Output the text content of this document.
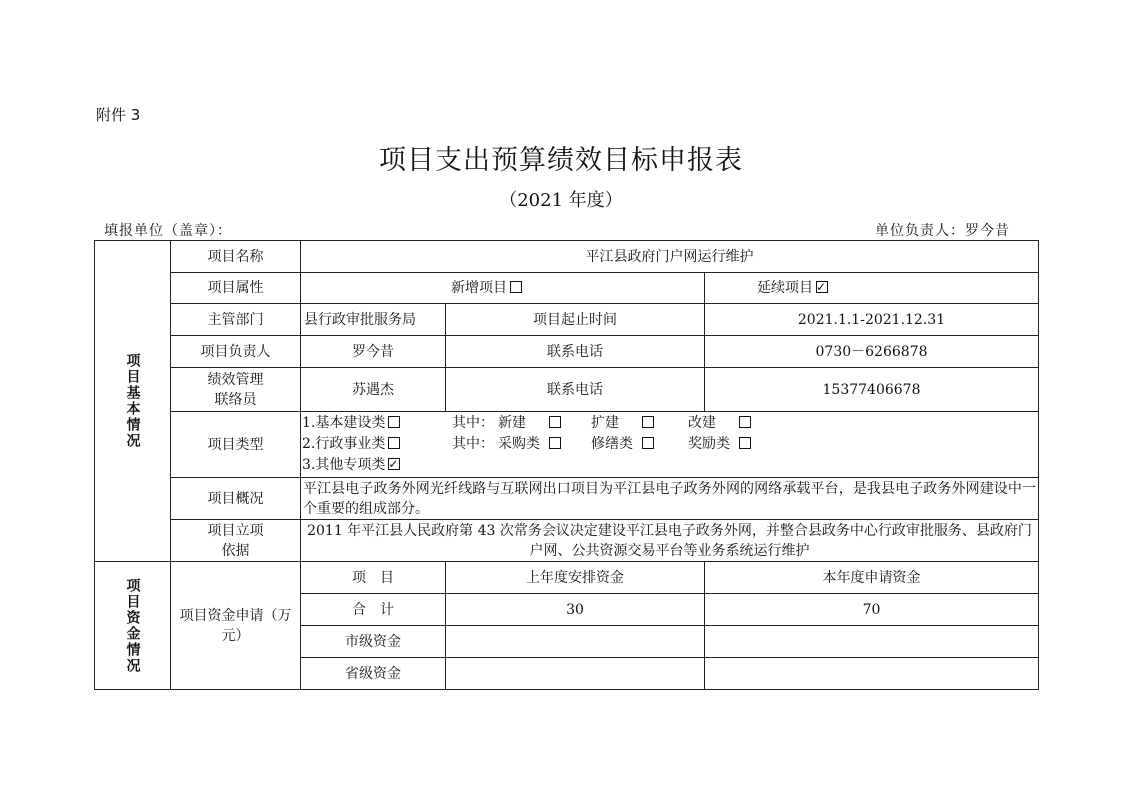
附件 3
项目支出预算绩效目标申报表
（2021 年度）
填报单位（盖章）：	单位负责人：罗今昔
项目基本情况	项目名称	平江县政府门户网运行维护		
	项目属性	新增项目		延续项目✓
	主管部门	县行政审批服务局	项目起止时间	2021.1.1-2021.12.31
	项目负责人	罗今昔	联系电话	0730－6266878

	绩效管理
联络员	苏遇杰	联系电话	15377406678
	项目类型	1.基本建设类 其中： 新建 扩建 改建
2.行政事业类 其中： 采购类 修缮类 奖励类
3.其他专项类✓

	项目概况	平江县电子政务外网光纤线路与互联网出口项目为平江县电子政务外网的网络承载平台，是我县电子政务外网建设中一个重要的组成部分。		

	项目立项
依据	2011 年平江县人民政府第 43 次常务会议决定建设平江县电子政务外网，并整合县政务中心行政审批服务、县政府门户网、公共资源交易平台等业务系统运行维护		
项目资金情况	项目资金申请（万元）	项　目	上年度安排资金	本年度申请资金
		合　计	30	70
		市级资金		
		省级资金		
